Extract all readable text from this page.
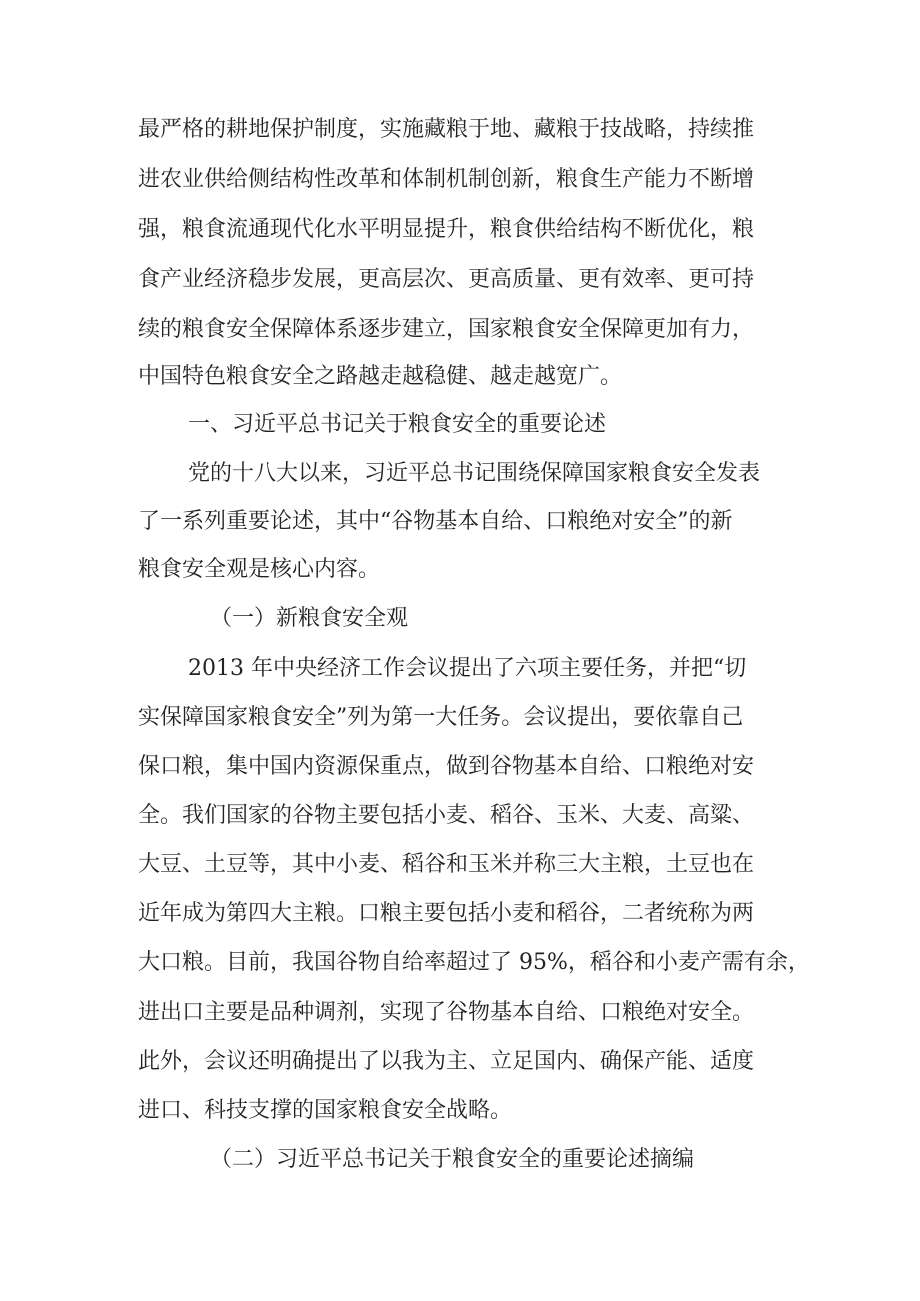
最严格的耕地保护制度，实施藏粮于地、藏粮于技战略，持续推
进农业供给侧结构性改革和体制机制创新，粮食生产能力不断增
强，粮食流通现代化水平明显提升，粮食供给结构不断优化，粮
食产业经济稳步发展，更高层次、更高质量、更有效率、更可持
续的粮食安全保障体系逐步建立，国家粮食安全保障更加有力，
中国特色粮食安全之路越走越稳健、越走越宽广。
一、习近平总书记关于粮食安全的重要论述
党的十八大以来，习近平总书记围绕保障国家粮食安全发表
了一系列重要论述，其中“谷物基本自给、口粮绝对安全”的新
粮食安全观是核心内容。
（一）新粮食安全观
2013 年中央经济工作会议提出了六项主要任务，并把“切
实保障国家粮食安全”列为第一大任务。会议提出，要依靠自己
保口粮，集中国内资源保重点，做到谷物基本自给、口粮绝对安
全。我们国家的谷物主要包括小麦、稻谷、玉米、大麦、高粱、
大豆、土豆等，其中小麦、稻谷和玉米并称三大主粮，土豆也在
近年成为第四大主粮。口粮主要包括小麦和稻谷，二者统称为两
大口粮。目前，我国谷物自给率超过了 95%，稻谷和小麦产需有余，
进出口主要是品种调剂，实现了谷物基本自给、口粮绝对安全。
此外，会议还明确提出了以我为主、立足国内、确保产能、适度
进口、科技支撑的国家粮食安全战略。
（二）习近平总书记关于粮食安全的重要论述摘编
